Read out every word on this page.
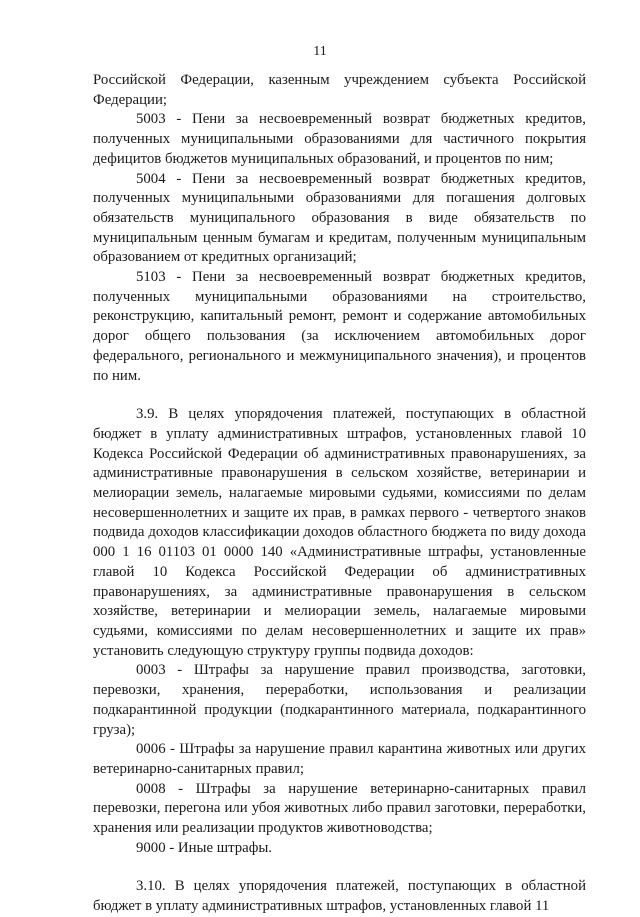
11

Российской Федерации, казенным учреждением субъекта Российской Федерации;

5003 - Пени за несвоевременный возврат бюджетных кредитов, полученных муниципальными образованиями для частичного покрытия дефицитов бюджетов муниципальных образований, и процентов по ним;

5004 - Пени за несвоевременный возврат бюджетных кредитов, полученных муниципальными образованиями для погашения долговых обязательств муниципального образования в виде обязательств по муниципальным ценным бумагам и кредитам, полученным муниципальным образованием от кредитных организаций;

5103 - Пени за несвоевременный возврат бюджетных кредитов, полученных муниципальными образованиями на строительство, реконструкцию, капитальный ремонт, ремонт и содержание автомобильных дорог общего пользования (за исключением автомобильных дорог федерального, регионального и межмуниципального значения), и процентов по ним.

3.9. В целях упорядочения платежей, поступающих в областной бюджет в уплату административных штрафов, установленных главой 10 Кодекса Российской Федерации об административных правонарушениях, за административные правонарушения в сельском хозяйстве, ветеринарии и мелиорации земель, налагаемые мировыми судьями, комиссиями по делам несовершеннолетних и защите их прав, в рамках первого - четвертого знаков подвида доходов классификации доходов областного бюджета по виду дохода 000 1 16 01103 01 0000 140 «Административные штрафы, установленные главой 10 Кодекса Российской Федерации об административных правонарушениях, за административные правонарушения в сельском хозяйстве, ветеринарии и мелиорации земель, налагаемые мировыми судьями, комиссиями по делам несовершеннолетних и защите их прав» установить следующую структуру группы подвида доходов:

0003 - Штрафы за нарушение правил производства, заготовки, перевозки, хранения, переработки, использования и реализации подкарантинной продукции (подкарантинного материала, подкарантинного груза);

0006 - Штрафы за нарушение правил карантина животных или других ветеринарно-санитарных правил;

0008 - Штрафы за нарушение ветеринарно-санитарных правил перевозки, перегона или убоя животных либо правил заготовки, переработки, хранения или реализации продуктов животноводства;

9000 - Иные штрафы.

3.10. В целях упорядочения платежей, поступающих в областной бюджет в уплату административных штрафов, установленных главой 11
